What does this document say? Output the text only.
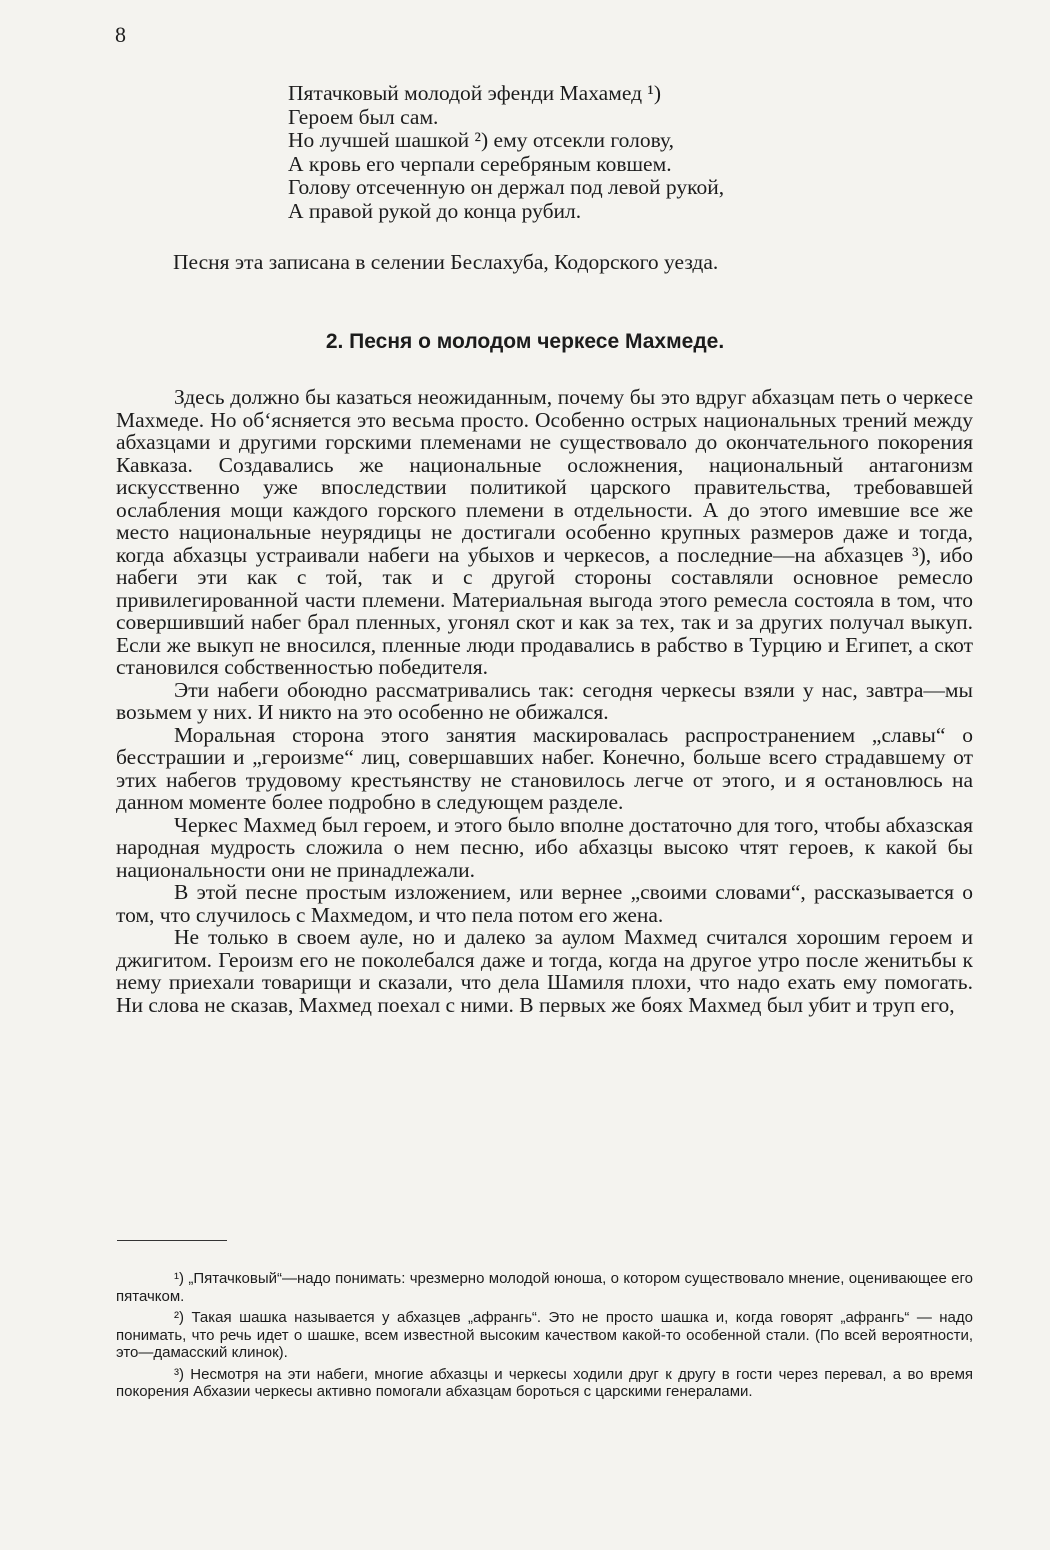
8
Пятачковый молодой эфенди Махамед ¹)
Героем был сам.
Но лучшей шашкой ²) ему отсекли голову,
А кровь его черпали серебряным ковшем.
Голову отсеченную он держал под левой рукой,
А правой рукой до конца рубил.
Песня эта записана в селении Беслахуба, Кодорского уезда.
2. Песня о молодом черкесе Махмеде.

Здесь должно бы казаться неожиданным, почему бы это вдруг абхазцам петь о черкесе Махмеде. Но об‘ясняется это весьма просто. Особенно острых национальных трений между абхазцами и другими горскими племенами не существовало до окончательного покорения Кавказа. Создавались же национальные осложнения, национальный антагонизм искусственно уже впоследствии политикой царского правительства, требовавшей ослабления мощи каждого горского племени в отдельности. А до этого имевшие все же место национальные неурядицы не достигали особенно крупных размеров даже и тогда, когда абхазцы устраивали набеги на убыхов и черкесов, а последние—на абхазцев ³), ибо набеги эти как с той, так и с другой стороны составляли основное ремесло привилегированной части племени. Материальная выгода этого ремесла состояла в том, что совершивший набег брал пленных, угонял скот и как за тех, так и за других получал выкуп. Если же выкуп не вносился, пленные люди продавались в рабство в Турцию и Египет, а скот становился собственностью победителя.

Эти набеги обоюдно рассматривались так: сегодня черкесы взяли у нас, завтра—мы возьмем у них. И никто на это особенно не обижался.

Моральная сторона этого занятия маскировалась распространением „славы“ о бесстрашии и „героизме“ лиц, совершавших набег. Конечно, больше всего страдавшему от этих набегов трудовому крестьянству не становилось легче от этого, и я остановлюсь на данном моменте более подробно в следующем разделе.

Черкес Махмед был героем, и этого было вполне достаточно для того, чтобы абхазская народная мудрость сложила о нем песню, ибо абхазцы высоко чтят героев, к какой бы национальности они не принадлежали.

В этой песне простым изложением, или вернее „своими словами“, рассказывается о том, что случилось с Махмедом, и что пела потом его жена.

Не только в своем ауле, но и далеко за аулом Махмед считался хорошим героем и джигитом. Героизм его не поколебался даже и тогда, когда на другое утро после женитьбы к нему приехали товарищи и сказали, что дела Шамиля плохи, что надо ехать ему помогать. Ни слова не сказав, Махмед поехал с ними. В первых же боях Махмед был убит и труп его,

¹) „Пятачковый“—надо понимать: чрезмерно молодой юноша, о котором существовало мнение, оценивающее его пятачком.

²) Такая шашка называется у абхазцев „афрангь“. Это не просто шашка и, когда говорят „афрангь“ — надо понимать, что речь идет о шашке, всем известной высоким качеством какой-то особенной стали. (По всей вероятности, это—дамасский клинок).

³) Несмотря на эти набеги, многие абхазцы и черкесы ходили друг к другу в гости через перевал, а во время покорения Абхазии черкесы активно помогали абхазцам бороться с царскими генералами.
